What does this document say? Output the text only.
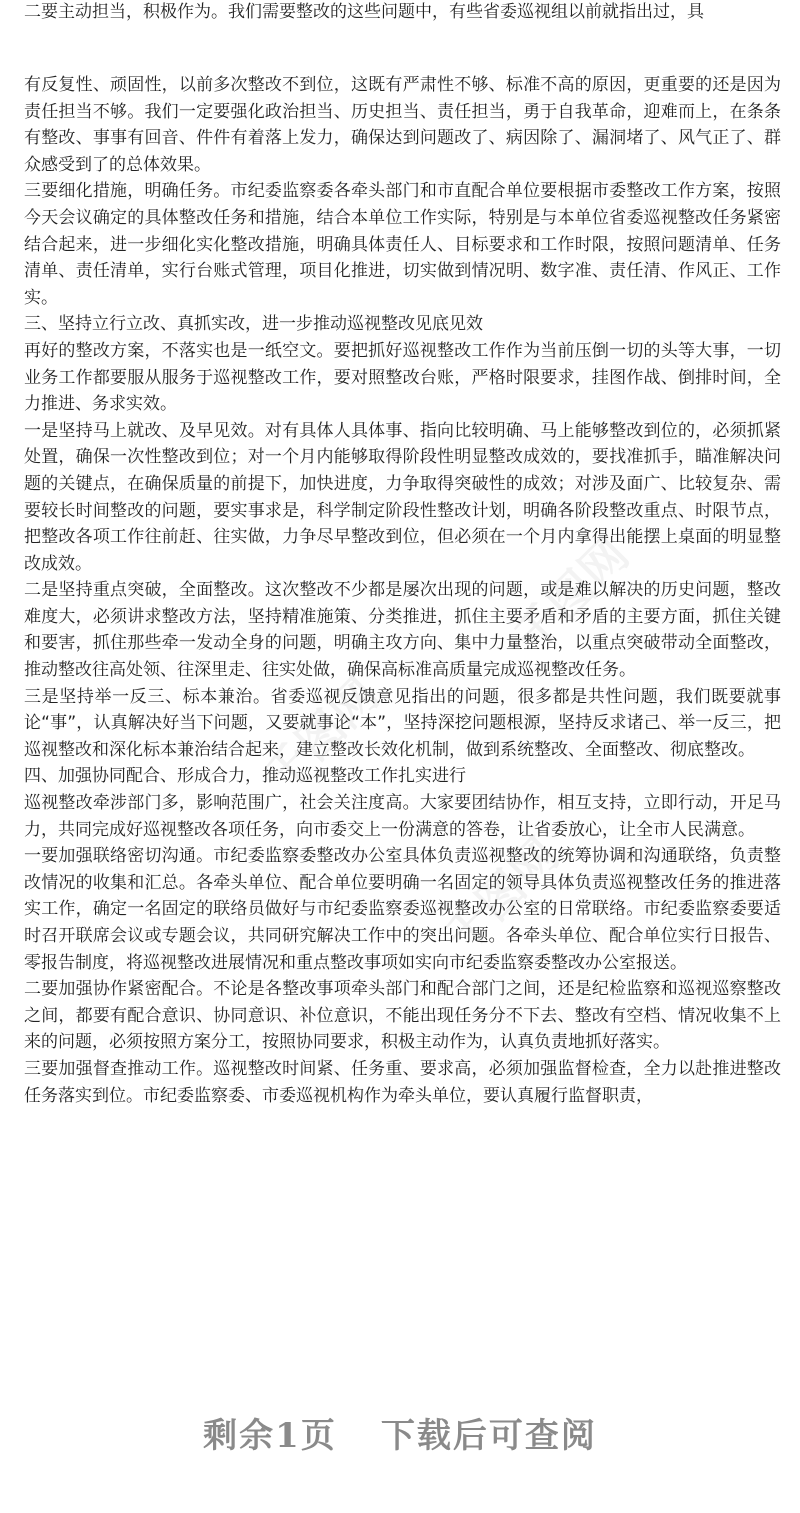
二要主动担当，积极作为。我们需要整改的这些问题中，有些省委巡视组以前就指出过，具

有反复性、顽固性，以前多次整改不到位，这既有严肃性不够、标准不高的原因，更重要的还是因为责任担当不够。我们一定要强化政治担当、历史担当、责任担当，勇于自我革命，迎难而上，在条条有整改、事事有回音、件件有着落上发力，确保达到问题改了、病因除了、漏洞堵了、风气正了、群众感受到了的总体效果。

三要细化措施，明确任务。市纪委监察委各牵头部门和市直配合单位要根据市委整改工作方案，按照今天会议确定的具体整改任务和措施，结合本单位工作实际，特别是与本单位省委巡视整改任务紧密结合起来，进一步细化实化整改措施，明确具体责任人、目标要求和工作时限，按照问题清单、任务清单、责任清单，实行台账式管理，项目化推进，切实做到情况明、数字准、责任清、作风正、工作实。

三、坚持立行立改、真抓实改，进一步推动巡视整改见底见效

再好的整改方案，不落实也是一纸空文。要把抓好巡视整改工作作为当前压倒一切的头等大事，一切业务工作都要服从服务于巡视整改工作，要对照整改台账，严格时限要求，挂图作战、倒排时间，全力推进、务求实效。

一是坚持马上就改、及早见效。对有具体人具体事、指向比较明确、马上能够整改到位的，必须抓紧处置，确保一次性整改到位；对一个月内能够取得阶段性明显整改成效的，要找准抓手，瞄准解决问题的关键点，在确保质量的前提下，加快进度，力争取得突破性的成效；对涉及面广、比较复杂、需要较长时间整改的问题，要实事求是，科学制定阶段性整改计划，明确各阶段整改重点、时限节点，把整改各项工作往前赶、往实做，力争尽早整改到位，但必须在一个月内拿得出能摆上桌面的明显整改成效。

二是坚持重点突破，全面整改。这次整改不少都是屡次出现的问题，或是难以解决的历史问题，整改难度大，必须讲求整改方法，坚持精准施策、分类推进，抓住主要矛盾和矛盾的主要方面，抓住关键和要害，抓住那些牵一发动全身的问题，明确主攻方向、集中力量整治，以重点突破带动全面整改，推动整改往高处领、往深里走、往实处做，确保高标准高质量完成巡视整改任务。

三是坚持举一反三、标本兼治。省委巡视反馈意见指出的问题，很多都是共性问题，我们既要就事论“事”，认真解决好当下问题，又要就事论“本”，坚持深挖问题根源，坚持反求诸己、举一反三，把巡视整改和深化标本兼治结合起来，建立整改长效化机制，做到系统整改、全面整改、彻底整改。

四、加强协同配合、形成合力，推动巡视整改工作扎实进行

巡视整改牵涉部门多，影响范围广，社会关注度高。大家要团结协作，相互支持，立即行动，开足马力，共同完成好巡视整改各项任务，向市委交上一份满意的答卷，让省委放心，让全市人民满意。

一要加强联络密切沟通。市纪委监察委整改办公室具体负责巡视整改的统筹协调和沟通联络，负责整改情况的收集和汇总。各牵头单位、配合单位要明确一名固定的领导具体负责巡视整改任务的推进落实工作，确定一名固定的联络员做好与市纪委监察委巡视整改办公室的日常联络。市纪委监察委要适时召开联席会议或专题会议，共同研究解决工作中的突出问题。各牵头单位、配合单位实行日报告、零报告制度，将巡视整改进展情况和重点整改事项如实向市纪委监察委整改办公室报送。

二要加强协作紧密配合。不论是各整改事项牵头部门和配合部门之间，还是纪检监察和巡视巡察整改之间，都要有配合意识、协同意识、补位意识，不能出现任务分不下去、整改有空档、情况收集不上来的问题，必须按照方案分工，按照协同要求，积极主动作为，认真负责地抓好落实。

三要加强督查推动工作。巡视整改时间紧、任务重、要求高，必须加强监督检查，全力以赴推进整改任务落实到位。市纪委监察委、市委巡视机构作为牵头单位，要认真履行监督职责，

剩余1页 下载后可查阅
